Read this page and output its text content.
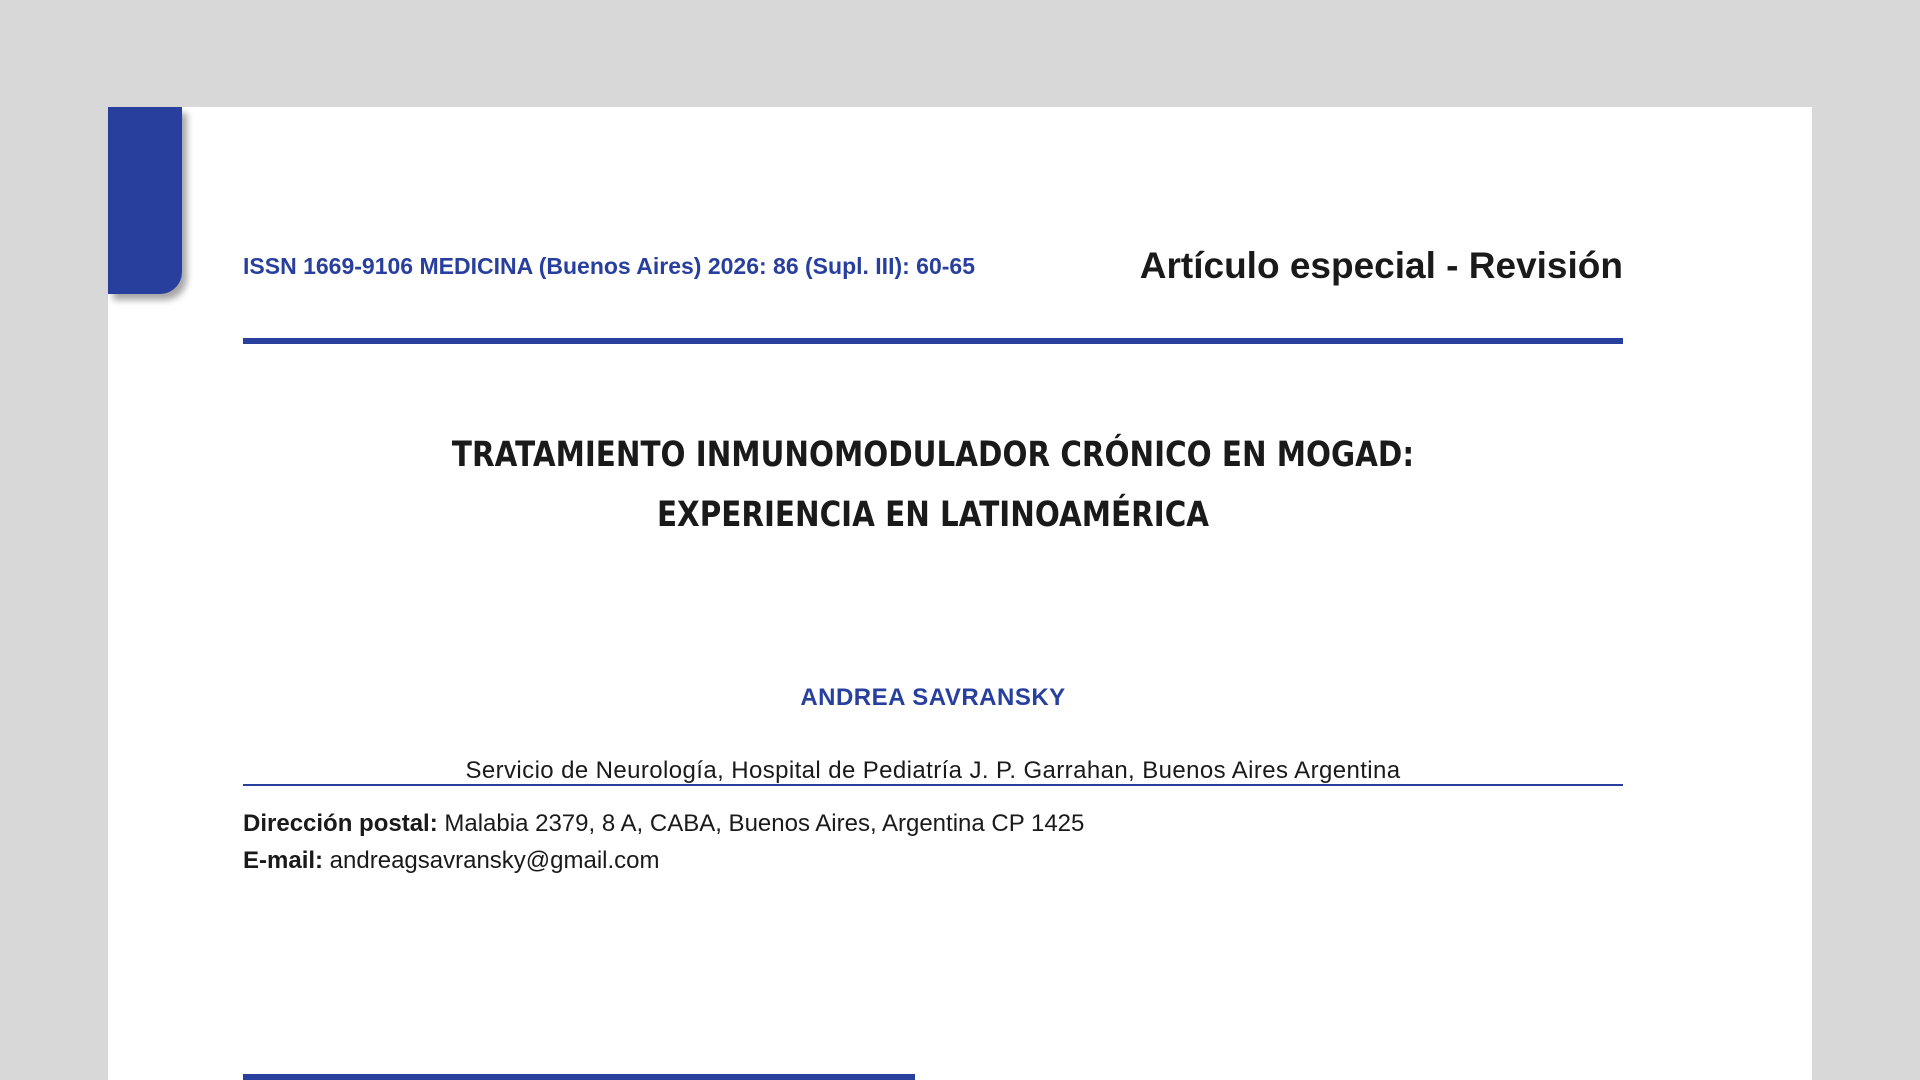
ISSN 1669-9106 MEDICINA (Buenos Aires) 2026: 86 (Supl. III): 60-65	Artículo especial - Revisión
TRATAMIENTO INMUNOMODULADOR CRÓNICO EN MOGAD:
EXPERIENCIA EN LATINOAMÉRICA
ANDREA SAVRANSKY
Servicio de Neurología, Hospital de Pediatría J. P. Garrahan, Buenos Aires Argentina
Dirección postal: Malabia 2379, 8 A, CABA, Buenos Aires, Argentina CP 1425
E-mail: andreagsavransky@gmail.com
